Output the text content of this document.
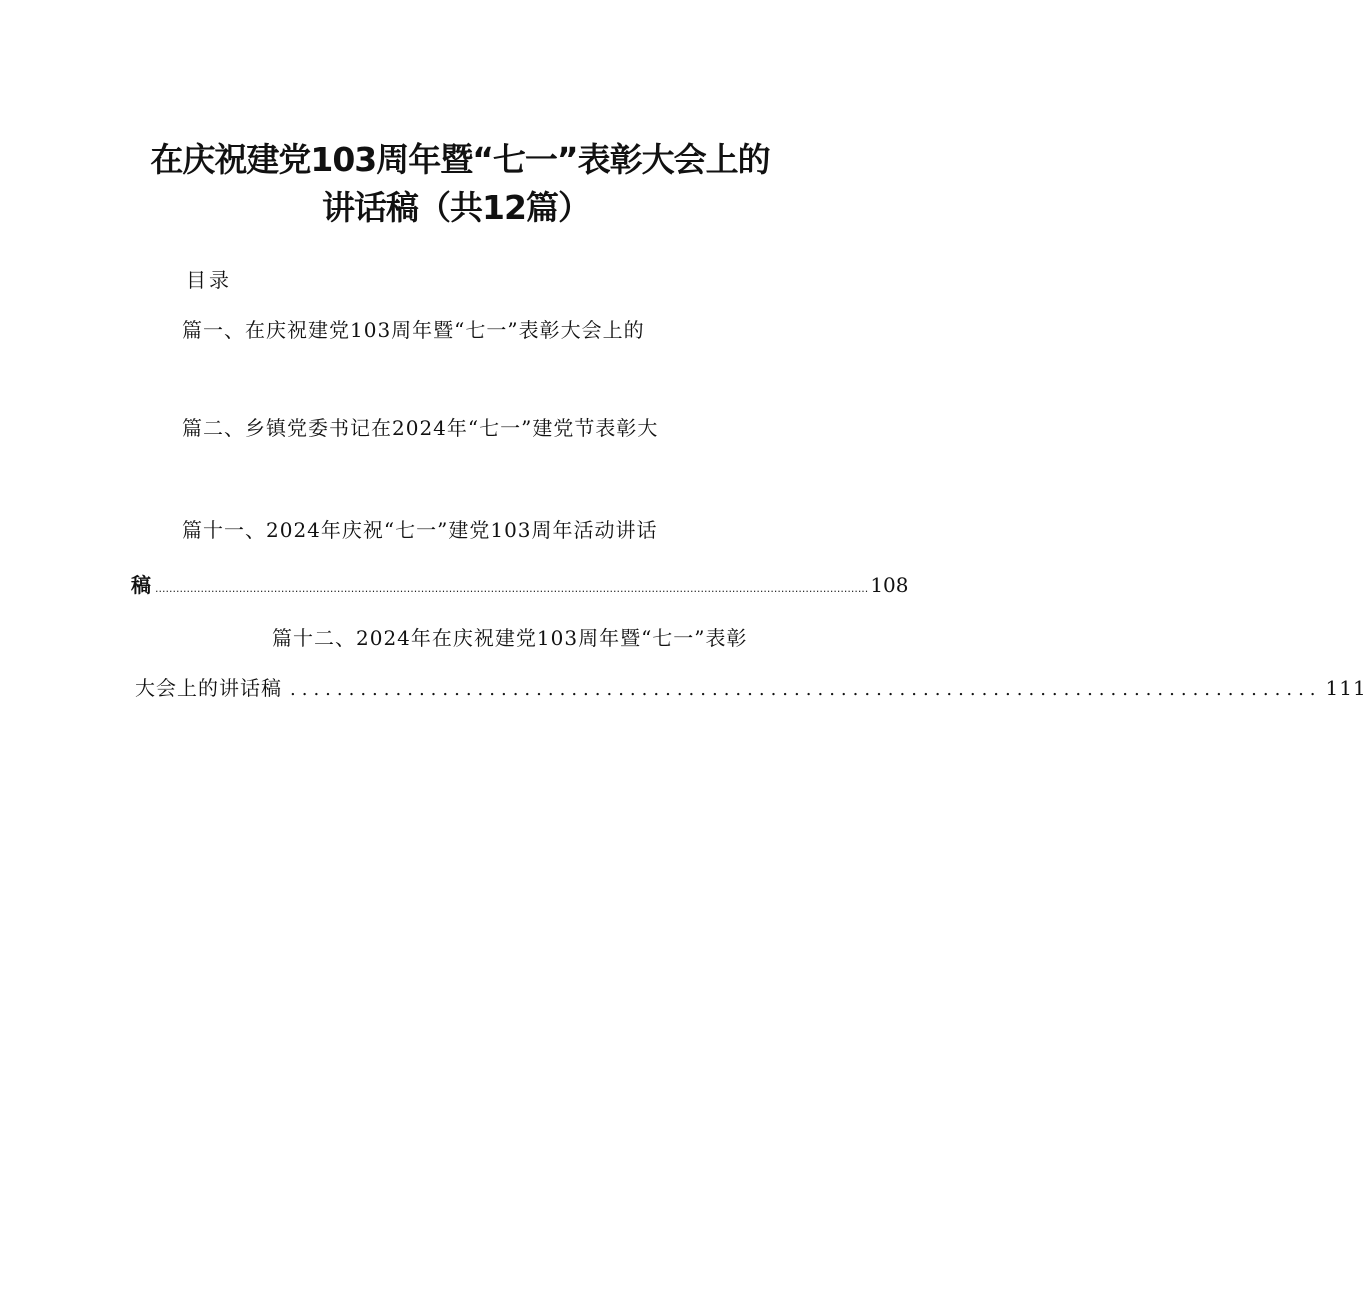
在庆祝建党103周年暨“七一”表彰大会上的
讲话稿（共12篇）
目录
篇一、在庆祝建党103周年暨“七一”表彰大会上的
篇二、乡镇党委书记在2024年“七一”建党节表彰大
篇十一、2024年庆祝“七一”建党103周年活动讲话
稿 ............................................................................................................................................................................................................ 108
篇十二、2024年在庆祝建党103周年暨“七一”表彰
大会上的讲话稿 ........................................................................................ 111
